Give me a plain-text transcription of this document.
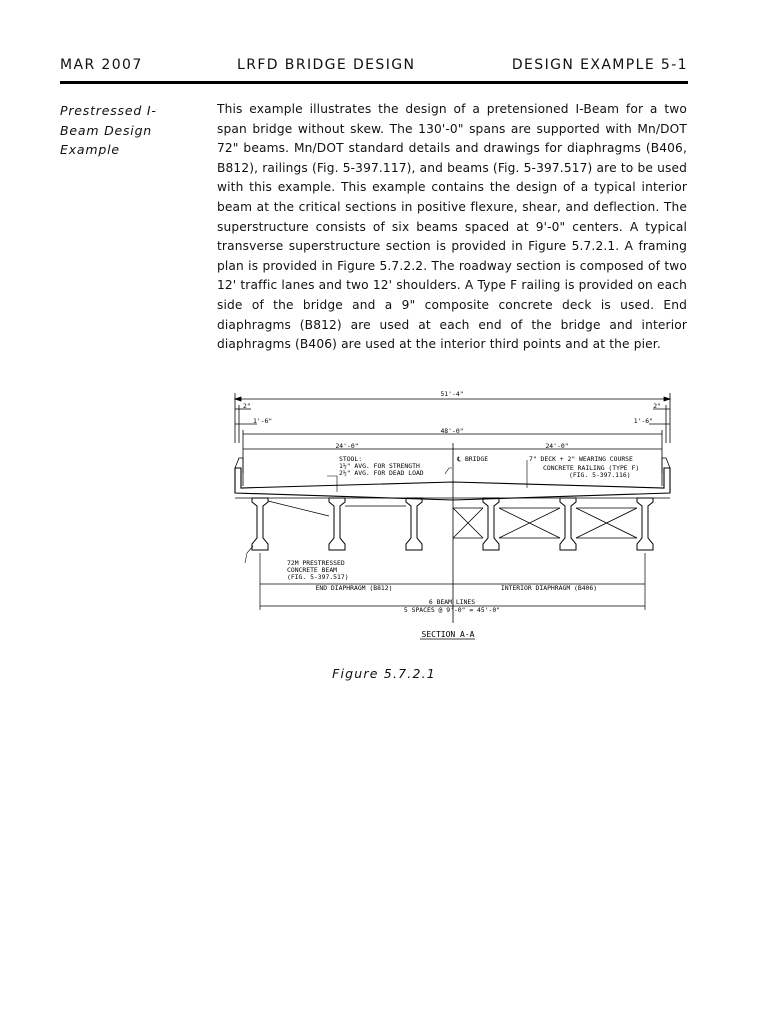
MAR 2007	LRFD BRIDGE DESIGN	DESIGN EXAMPLE 5-1
Prestressed I-
Beam Design
Example
This example illustrates the design of a pretensioned I-Beam for a two span bridge without skew. The 130'-0" spans are supported with Mn/DOT 72" beams. Mn/DOT standard details and drawings for diaphragms (B406, B812), railings (Fig. 5-397.117), and beams (Fig. 5-397.517) are to be used with this example. This example contains the design of a typical interior beam at the critical sections in positive flexure, shear, and deflection. The superstructure consists of six beams spaced at 9'-0" centers. A typical transverse superstructure section is provided in Figure 5.7.2.1. A framing plan is provided in Figure 5.7.2.2. The roadway section is composed of two 12' traffic lanes and two 12' shoulders. A Type F railing is provided on each side of the bridge and a 9" composite concrete deck is used. End diaphragms (B812) are used at each end of the bridge and interior diaphragms (B406) are used at the interior third points and at the pier.
51'-4"
2"	2"
1'-6"	1'-6"
48'-0"
24'-0"	24'-0"
STOOL:
1½" AVG. FOR STRENGTH
2½" AVG. FOR DEAD LOAD
℄ BRIDGE	7" DECK + 2" WEARING COURSE
CONCRETE RAILING (TYPE F)
(FIG. 5-397.116)
72M PRESTRESSED
CONCRETE BEAM
(FIG. 5-397.517)
END DIAPHRAGM (B812)	INTERIOR DIAPHRAGM (B406)
6 BEAM LINES
5 SPACES @ 9'-0" = 45'-0"
SECTION A-A
Figure 5.7.2.1
